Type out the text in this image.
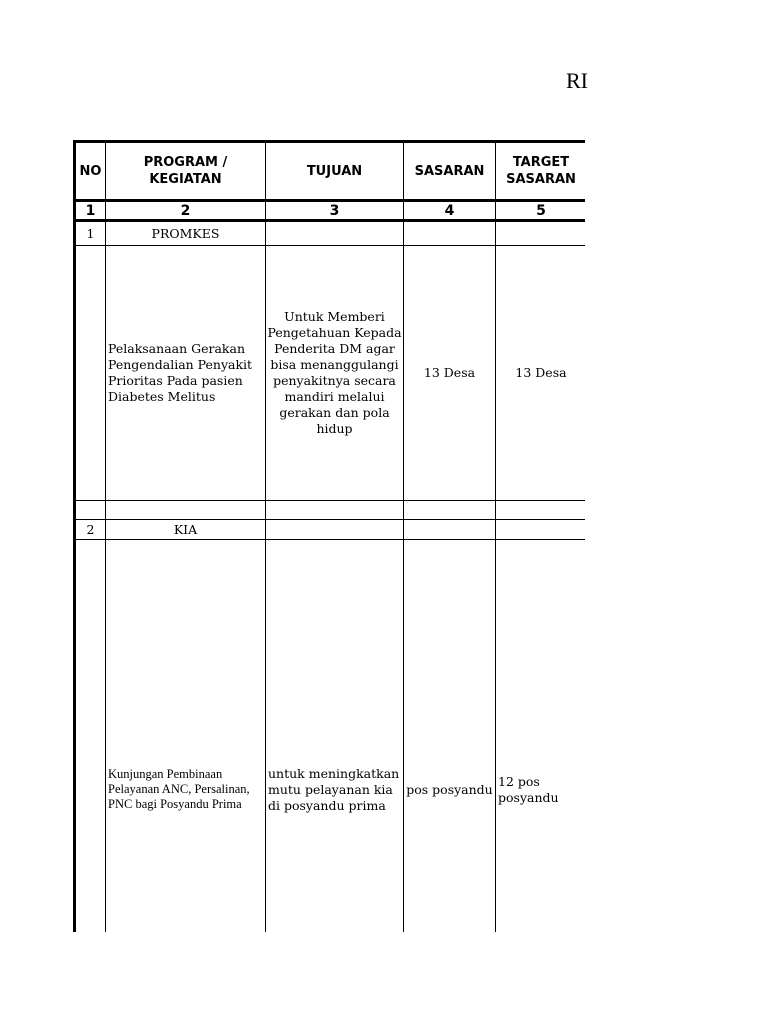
RI
NO	PROGRAM / KEGIATAN	TUJUAN	SASARAN	TARGET SASARAN
1	2	3	4	5
1	PROMKES			
	Pelaksanaan Gerakan Pengendalian Penyakit Prioritas Pada pasien Diabetes Melitus	Untuk Memberi Pengetahuan Kepada Penderita DM agar bisa menanggulangi penyakitnya secara mandiri melalui gerakan dan pola hidup	13 Desa	13 Desa

2	KIA			
	Kunjungan Pembinaan Pelayanan ANC, Persalinan, PNC bagi Posyandu Prima	untuk meningkatkan mutu pelayanan kia di posyandu prima	pos posyandu	12 pos posyandu
